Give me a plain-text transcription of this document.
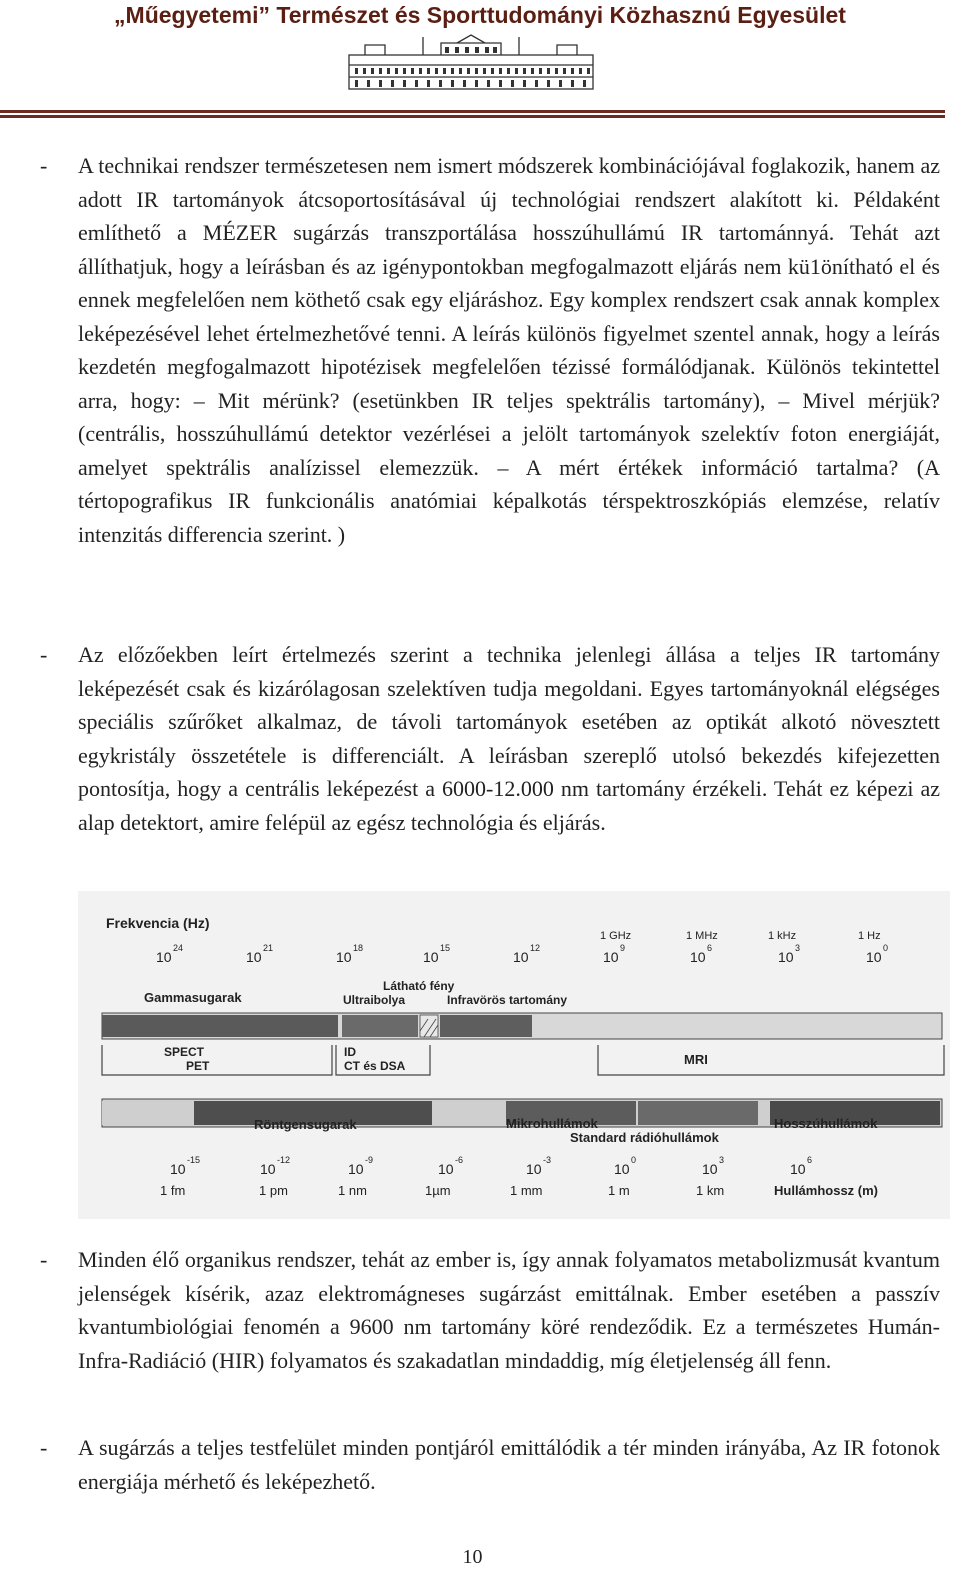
„Műegyetemi” Természet és Sporttudományi Közhasznú Egyesület
- A technikai rendszer természetesen nem ismert módszerek kombinációjával foglakozik, hanem az adott IR tartományok átcsoportosításával új technológiai rendszert alakított ki. Példaként említhető a MÉZER sugárzás transzportálása hosszúhullámú IR tartománnyá. Tehát azt állíthatjuk, hogy a leírásban és az igénypontokban megfogalmazott eljárás nem kü1önítható el és ennek megfelelően nem köthető csak egy eljáráshoz. Egy komplex rendszert csak annak komplex leképezésével lehet értelmezhetővé tenni. A leírás különös figyelmet szentel annak, hogy a leírás kezdetén megfogalmazott hipotézisek megfelelően tézissé formálódjanak. Különös tekintettel arra, hogy: – Mit mérünk? (esetünkben IR teljes spektrális tartomány), – Mivel mérjük? (centrális, hosszúhullámú detektor vezérlései a jelölt tartományok szelektív foton energiáját, amelyet spektrális analízissel elemezzük. – A mért értékek információ tartalma? (A tértopografikus IR funkcionális anatómiai képalkotás térspektroszkópiás elemzése, relatív intenzitás differencia szerint. )

- Az előzőekben leírt értelmezés szerint a technika jelenlegi állása a teljes IR tartomány leképezését csak és kizárólagosan szelektíven tudja megoldani. Egyes tartományoknál elégséges speciális szűrőket alkalmaz, de távoli tartományok esetében az optikát alkotó növesztett egykristály összetétele is differenciált. A leírásban szereplő utolsó bekezdés kifejezetten pontosítja, hogy a centrális leképezést a 6000-12.000 nm tartomány érzékeli. Tehát ez képezi az alap detektort, amire felépül az egész technológia és eljárás.

Frekvencia (Hz)
1 GHz	1 MHz	1 kHz	1 Hz
10
24
10
21
10
18
10
15
10
12
10
9
10
6
10
3
10
0
Gammasugarak
Látható fény
Ultraibolya	Infravörös tartomány
SPECT
PET
ID
CT és DSA	MRI
Röntgensugarak	Mikrohullámok
Standard rádióhullámok
Hosszúhullámok
10
-15
10
-12
10
-9
10
-6
10
-3
10
0
10
3
10
6
1 fm	1 pm	1 nm	1µm	1 mm	1 m	1 km	Hullámhossz (m)
- Minden élő organikus rendszer, tehát az ember is, így annak folyamatos metabolizmusát kvantum jelenségek kísérik, azaz elektromágneses sugárzást emittálnak. Ember esetében a passzív kvantumbiológiai fenomén a 9600 nm tartomány köré rendeződik. Ez a természetes Humán-Infra-Radiáció (HIR) folyamatos és szakadatlan mindaddig, míg életjelenség áll fenn.

- A sugárzás a teljes testfelület minden pontjáról emittálódik a tér minden irányába, Az IR fotonok energiája mérhető és leképezhető.

10
